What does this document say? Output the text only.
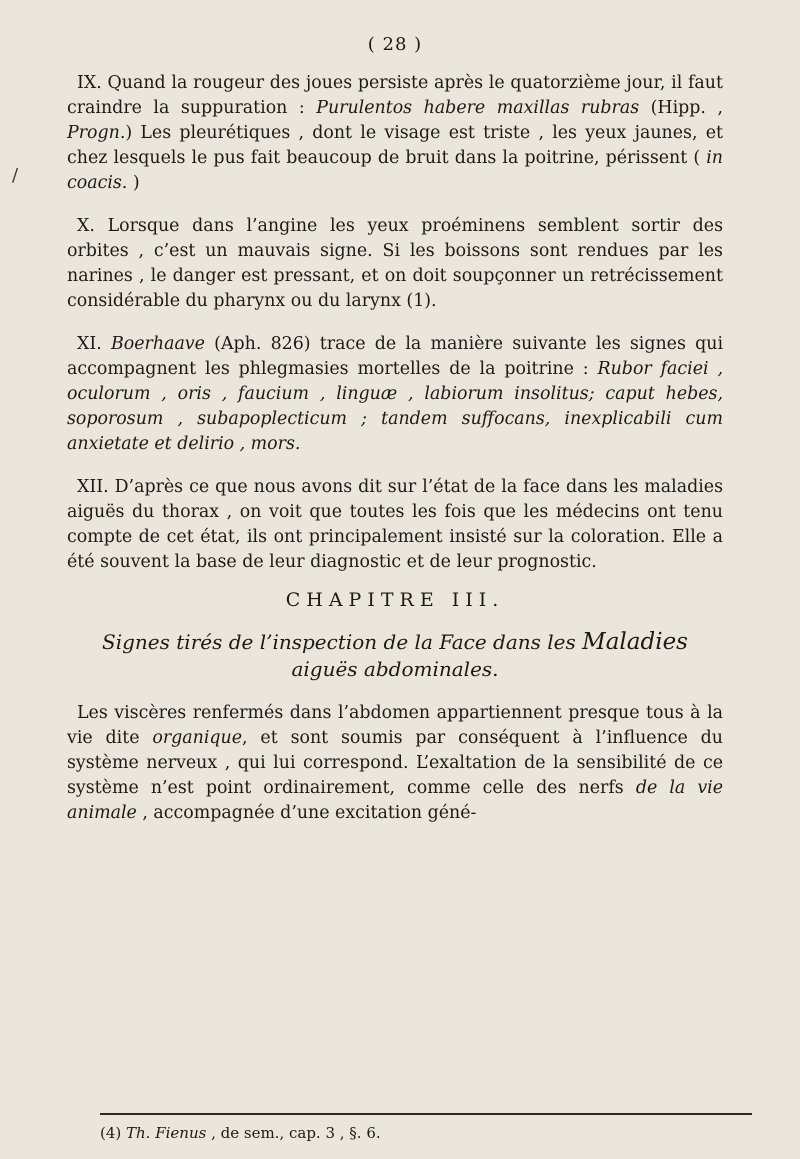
/
( 28 )

IX. Quand la rougeur des joues persiste après le quatorzième jour, il faut craindre la suppuration : Purulentos habere maxillas rubras (Hipp. , Progn.) Les pleurétiques , dont le visage est triste , les yeux jaunes, et chez lesquels le pus fait beaucoup de bruit dans la poitrine, périssent ( in coacis. )

X. Lorsque dans l’angine les yeux proéminens semblent sortir des orbites , c’est un mauvais signe. Si les boissons sont rendues par les narines , le danger est pressant, et on doit soupçonner un retrécissement considérable du pharynx ou du larynx (1).

XI. Boerhaave (Aph. 826) trace de la manière suivante les signes qui accompagnent les phlegmasies mortelles de la poitrine : Rubor faciei , oculorum , oris , faucium , linguæ , labiorum insolitus; caput hebes, soporosum , subapoplecticum ; tandem suffocans, inexplicabili cum anxietate et delirio , mors.

XII. D’après ce que nous avons dit sur l’état de la face dans les maladies aiguës du thorax , on voit que toutes les fois que les médecins ont tenu compte de cet état, ils ont principalement insisté sur la coloration. Elle a été souvent la base de leur diagnostic et de leur prognostic.

CHAPITRE III.
Signes tirés de l’inspection de la Face dans les Maladies aiguës abdominales.

Les viscères renfermés dans l’abdomen appartiennent presque tous à la vie dite organique, et sont soumis par conséquent à l’influence du système nerveux , qui lui correspond. L’exaltation de la sensibilité de ce système n’est point ordinairement, comme celle des nerfs de la vie animale , accompagnée d’une excitation géné-

(4) Th. Fienus , de sem., cap. 3 , §. 6.
